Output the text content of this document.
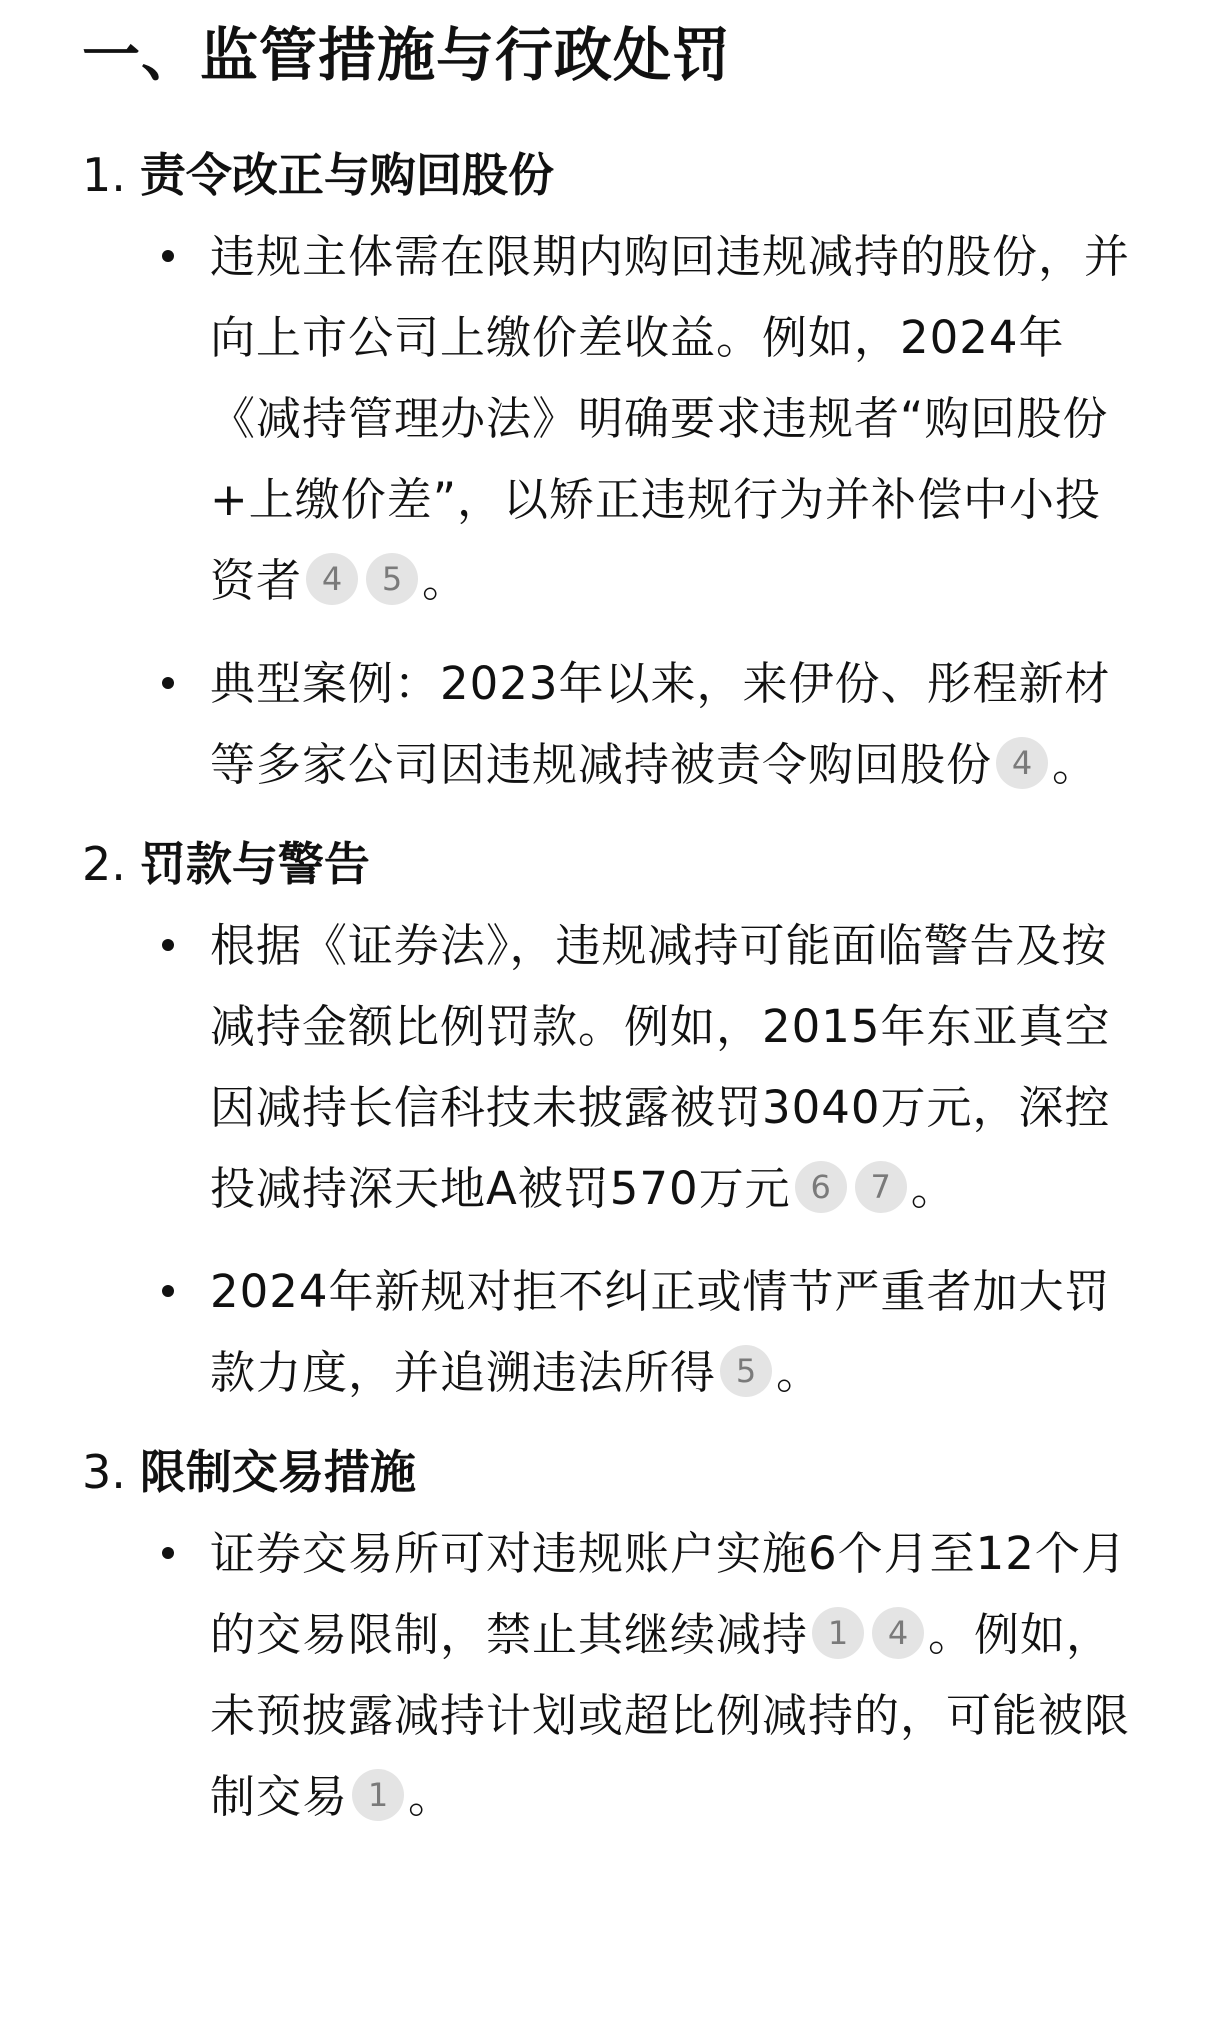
一、监管措施与行政处罚
1. 责令改正与购回股份
违规主体需在限期内购回违规减持的股份，并向上市公司上缴价差收益。例如，2024年《减持管理办法》明确要求违规者“购回股份+上缴价差”，以矫正违规行为并补偿中小投资者 4 5 。
典型案例：2023年以来，来伊份、彤程新材等多家公司因违规减持被责令购回股份 4 。
2. 罚款与警告
根据《证券法》，违规减持可能面临警告及按减持金额比例罚款。例如，2015年东亚真空因减持长信科技未披露被罚3040万元，深控投减持深天地A被罚570万元 6 7 。
2024年新规对拒不纠正或情节严重者加大罚款力度，并追溯违法所得 5 。
3. 限制交易措施
证券交易所可对违规账户实施6个月至12个月的交易限制，禁止其继续减持 1 4 。例如，未预披露减持计划或超比例减持的，可能被限制交易 1 。
